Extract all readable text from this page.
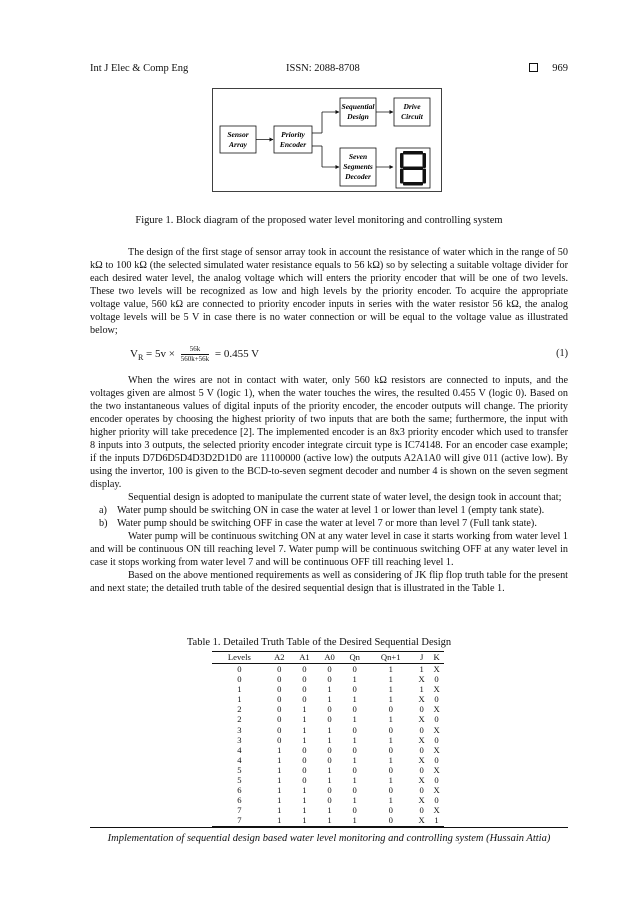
Int J Elec & Comp Eng	ISSN: 2088-8708	969
Sensor
Array
Priority
Encoder
Sequential
Design
Drive
Circuit
Seven
Segments
Decoder
Figure 1. Block diagram of the proposed water level monitoring and controlling system

The design of the first stage of sensor array took in account the resistance of water which in the range of 50 kΩ to 100 kΩ (the selected simulated water resistance equals to 56 kΩ) so by selecting a suitable voltage divider for each desired water level, the analog voltage which will enters the priority encoder that will be one of two levels. These two levels will be recognized as low and high levels by the priority encoder. To acquire the appropriate voltage value, 560 kΩ are connected to priority encoder inputs in series with the water resistor 56 kΩ, the analog voltage levels will be 5 V in case there is no water connection or will be equal to the voltage value as illustrated below;

$V_R = 5v \times \frac{56k}{560k+56k} = 0.455$ V	(1)

When the wires are not in contact with water, only 560 kΩ resistors are connected to inputs, and the voltages given are almost 5 V (logic 1), when the water touches the wires, the resulted 0.455 V (logic 0). Based on the two instantaneous values of digital inputs of the priority encoder, the encoder outputs will change. The priority encoder operates by choosing the highest priority of two inputs that are both the same; furthermore, the input with higher priority will take precedence [2]. The implemented encoder is an 8x3 priority encoder which used to transfer 8 inputs into 3 outputs, the selected priority encoder integrate circuit type is IC74148. For an encoder case example; if the inputs D7D6D5D4D3D2D1D0 are 11100000 (active low) the outputs A2A1A0 will give 011 (active low). By using the invertor, 100 is given to the BCD-to-seven segment decoder and number 4 is shown on the seven segment display.

Sequential design is adopted to manipulate the current state of water level, the design took in account that;

a) Water pump should be switching ON in case the water at level 1 or lower than level 1 (empty tank state).
b) Water pump should be switching OFF in case the water at level 7 or more than level 7 (Full tank state).

Water pump will be continuous switching ON at any water level in case it starts working from water level 1 and will be continuous ON till reaching level 7. Water pump will be continuous switching OFF at any water level in case it stops working from water level 7 and will be continuous OFF till reaching level 1.

Based on the above mentioned requirements as well as considering of JK flip flop truth table for the present and next state; the detailed truth table of the desired sequential design that is illustrated in the Table 1.

Table 1. Detailed Truth Table of the Desired Sequential Design
Levels	A2	A1	A0	Qn	Qn+1	J	K
0	0	0	0	0	1	1	X
0	0	0	0	1	1	X	0
1	0	0	1	0	1	1	X
1	0	0	1	1	1	X	0
2	0	1	0	0	0	0	X
2	0	1	0	1	1	X	0
3	0	1	1	0	0	0	X
3	0	1	1	1	1	X	0
4	1	0	0	0	0	0	X
4	1	0	0	1	1	X	0
5	1	0	1	0	0	0	X
5	1	0	1	1	1	X	0
6	1	1	0	0	0	0	X
6	1	1	0	1	1	X	0
7	1	1	1	0	0	0	X
7	1	1	1	1	0	X	1
Implementation of sequential design based water level monitoring and controlling system (Hussain Attia)
